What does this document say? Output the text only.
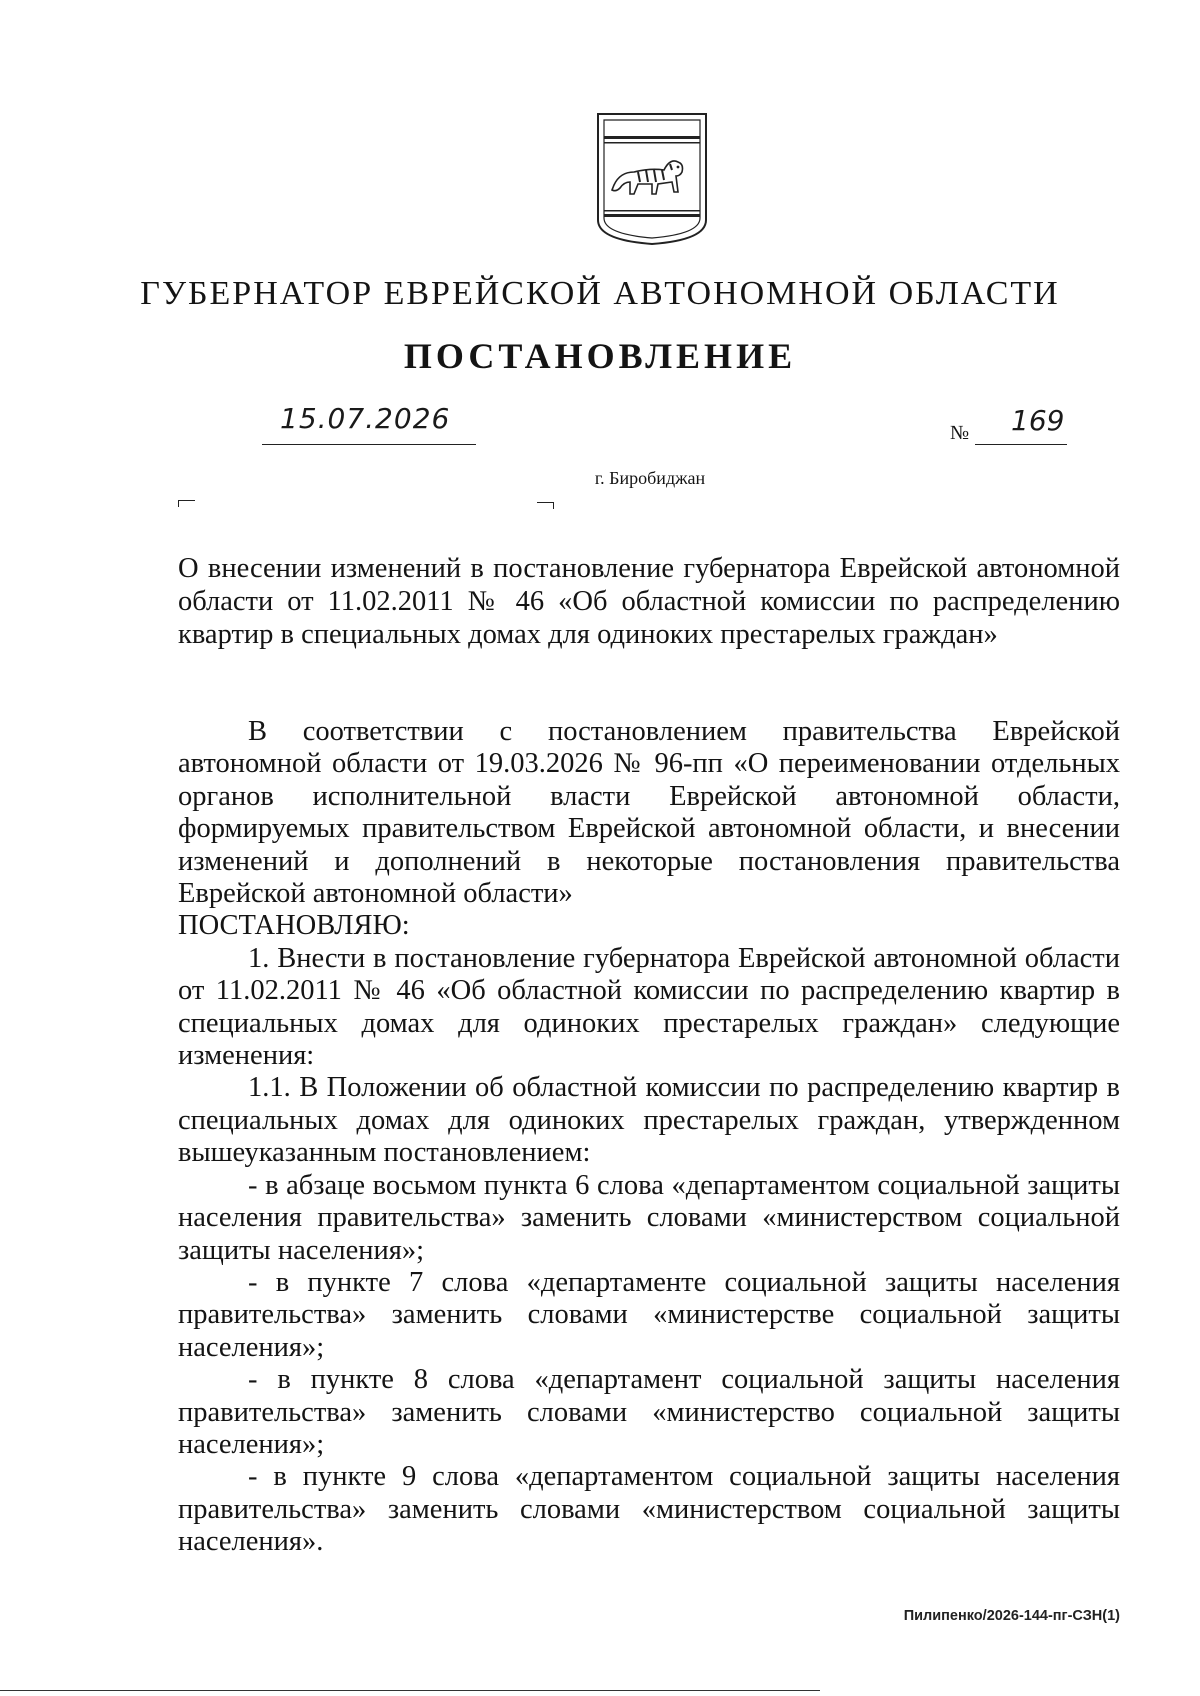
ГУБЕРНАТОР ЕВРЕЙСКОЙ АВТОНОМНОЙ ОБЛАСТИ
ПОСТАНОВЛЕНИЕ
15.07.2026	№ 169
г. Биробиджан
О внесении изменений в постановление губернатора Еврейской автономной области от 11.02.2011 № 46 «Об областной комиссии по распределению квартир в специальных домах для одиноких престарелых граждан»

В соответствии с постановлением правительства Еврейской автономной области от 19.03.2026 № 96-пп «О переименовании отдельных органов исполнительной власти Еврейской автономной области, формируемых правительством Еврейской автономной области, и внесении изменений и дополнений в некоторые постановления правительства Еврейской автономной области»

ПОСТАНОВЛЯЮ:

1. Внести в постановление губернатора Еврейской автономной области от 11.02.2011 № 46 «Об областной комиссии по распределению квартир в специальных домах для одиноких престарелых граждан» следующие изменения:

1.1. В Положении об областной комиссии по распределению квартир в специальных домах для одиноких престарелых граждан, утвержденном вышеуказанным постановлением:

- в абзаце восьмом пункта 6 слова «департаментом социальной защиты населения правительства» заменить словами «министерством социальной защиты населения»;

- в пункте 7 слова «департаменте социальной защиты населения правительства» заменить словами «министерстве социальной защиты населения»;

- в пункте 8 слова «департамент социальной защиты населения правительства» заменить словами «министерство социальной защиты населения»;

- в пункте 9 слова «департаментом социальной защиты населения правительства» заменить словами «министерством социальной защиты населения».

Пилипенко/2026-144-пг-СЗН(1)
